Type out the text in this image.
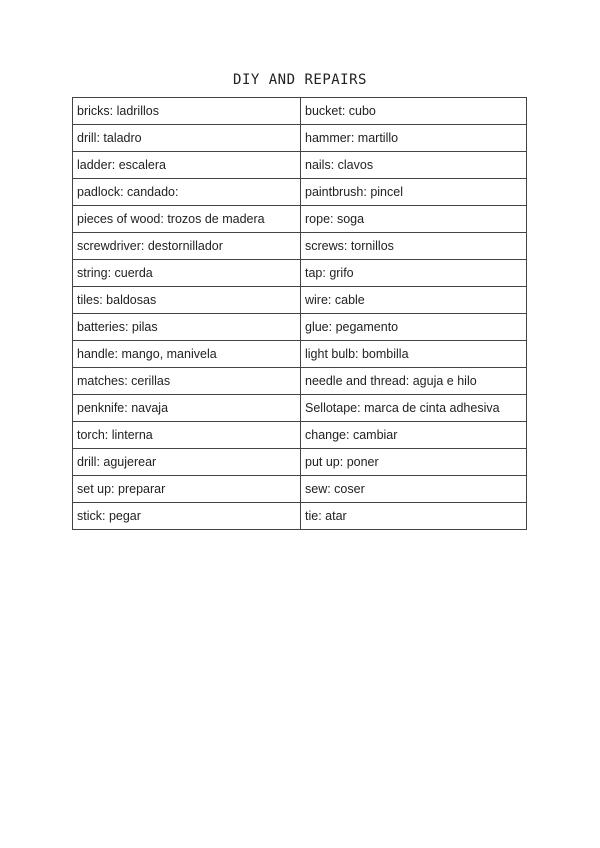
DIY AND REPAIRS
bricks: ladrillos	bucket: cubo
drill: taladro	hammer: martillo
ladder: escalera	nails: clavos
padlock: candado:	paintbrush: pincel
pieces of wood: trozos de madera	rope: soga
screwdriver: destornillador	screws: tornillos
string: cuerda	tap: grifo
tiles: baldosas	wire: cable
batteries: pilas	glue: pegamento
handle: mango, manivela	light bulb: bombilla
matches: cerillas	needle and thread: aguja e hilo
penknife: navaja	Sellotape: marca de cinta adhesiva
torch: linterna	change: cambiar
drill: agujerear	put up: poner
set up: preparar	sew: coser
stick: pegar	tie: atar
